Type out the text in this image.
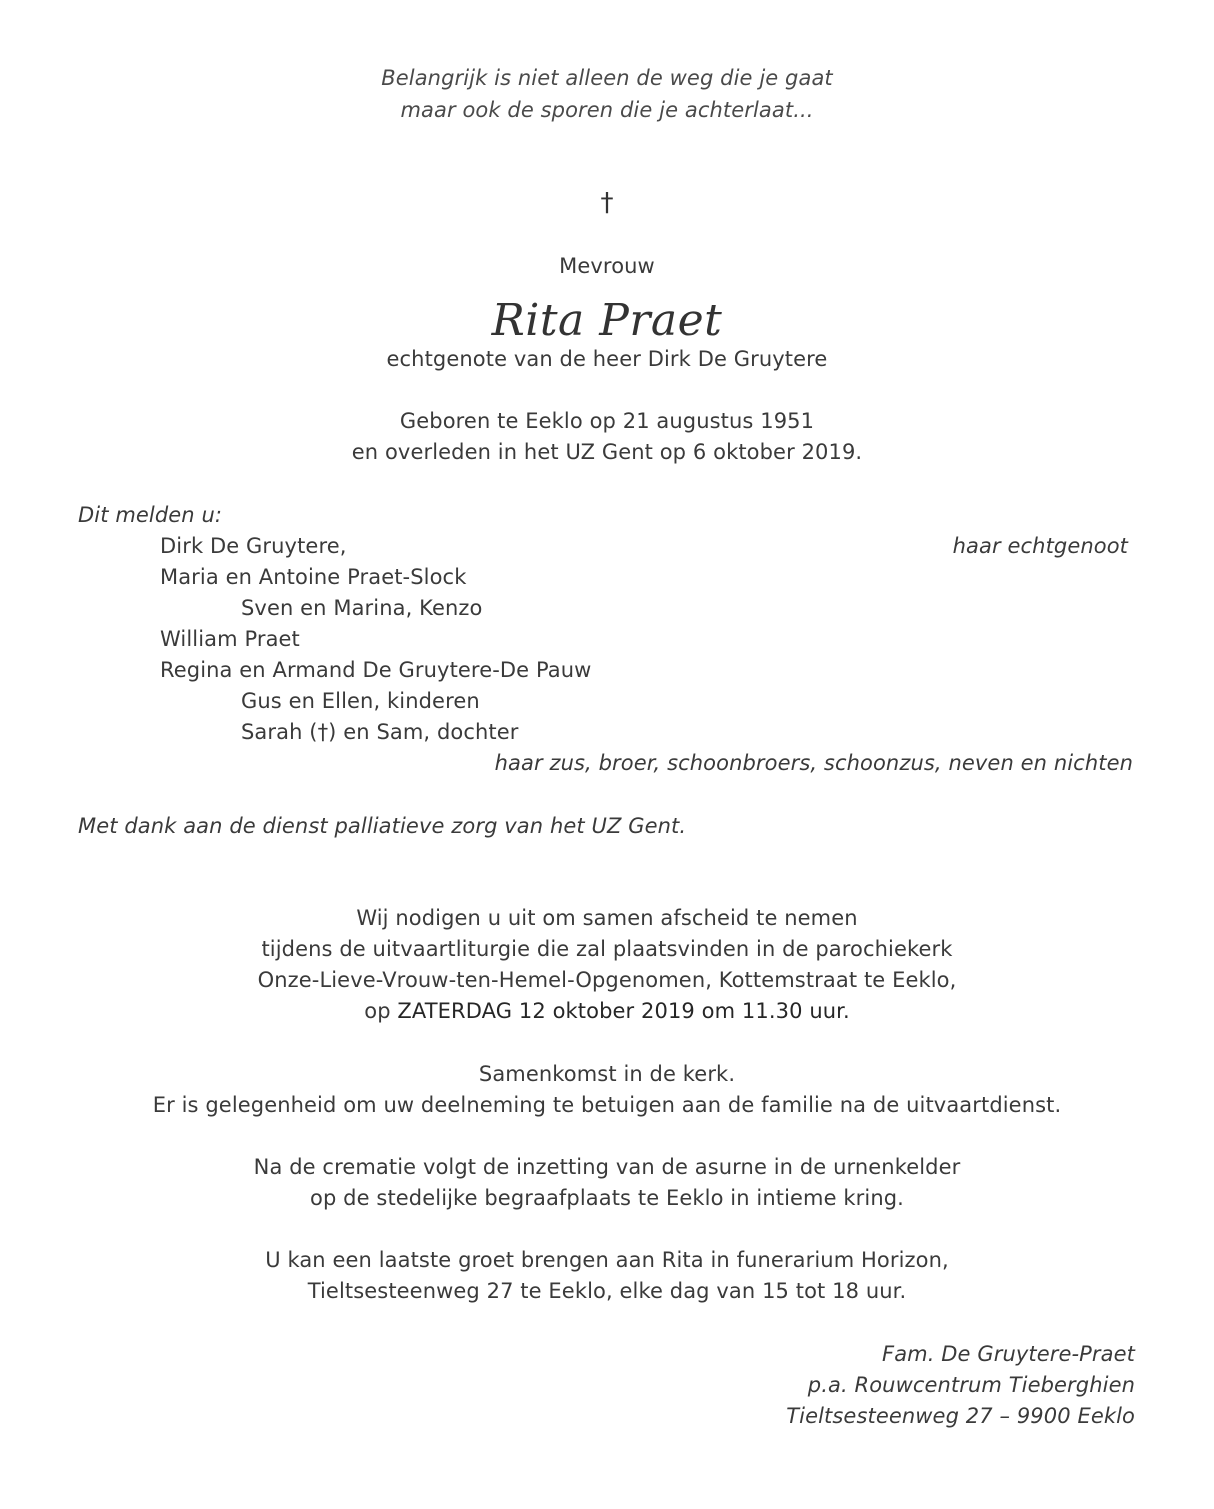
Belangrijk is niet alleen de weg die je gaat
maar ook de sporen die je achterlaat...
†
Mevrouw
Rita Praet
echtgenote van de heer Dirk De Gruytere
Geboren te Eeklo op 21 augustus 1951
en overleden in het UZ Gent op 6 oktober 2019.
Dit melden u:
Dirk De Gruytere,	haar echtgenoot
Maria en Antoine Praet-Slock
Sven en Marina, Kenzo
William Praet
Regina en Armand De Gruytere-De Pauw
Gus en Ellen, kinderen
Sarah (†) en Sam, dochter
haar zus, broer, schoonbroers, schoonzus, neven en nichten
Met dank aan de dienst palliatieve zorg van het UZ Gent.
Wij nodigen u uit om samen afscheid te nemen
tijdens de uitvaartliturgie die zal plaatsvinden in de parochiekerk
Onze-Lieve-Vrouw-ten-Hemel-Opgenomen, Kottemstraat te Eeklo,
op ZATERDAG 12 oktober 2019 om 11.30 uur.
Samenkomst in de kerk.
Er is gelegenheid om uw deelneming te betuigen aan de familie na de uitvaartdienst.
Na de crematie volgt de inzetting van de asurne in de urnenkelder
op de stedelijke begraafplaats te Eeklo in intieme kring.
U kan een laatste groet brengen aan Rita in funerarium Horizon,
Tieltsesteenweg 27 te Eeklo, elke dag van 15 tot 18 uur.
Fam. De Gruytere-Praet
p.a. Rouwcentrum Tieberghien
Tieltsesteenweg 27 – 9900 Eeklo
